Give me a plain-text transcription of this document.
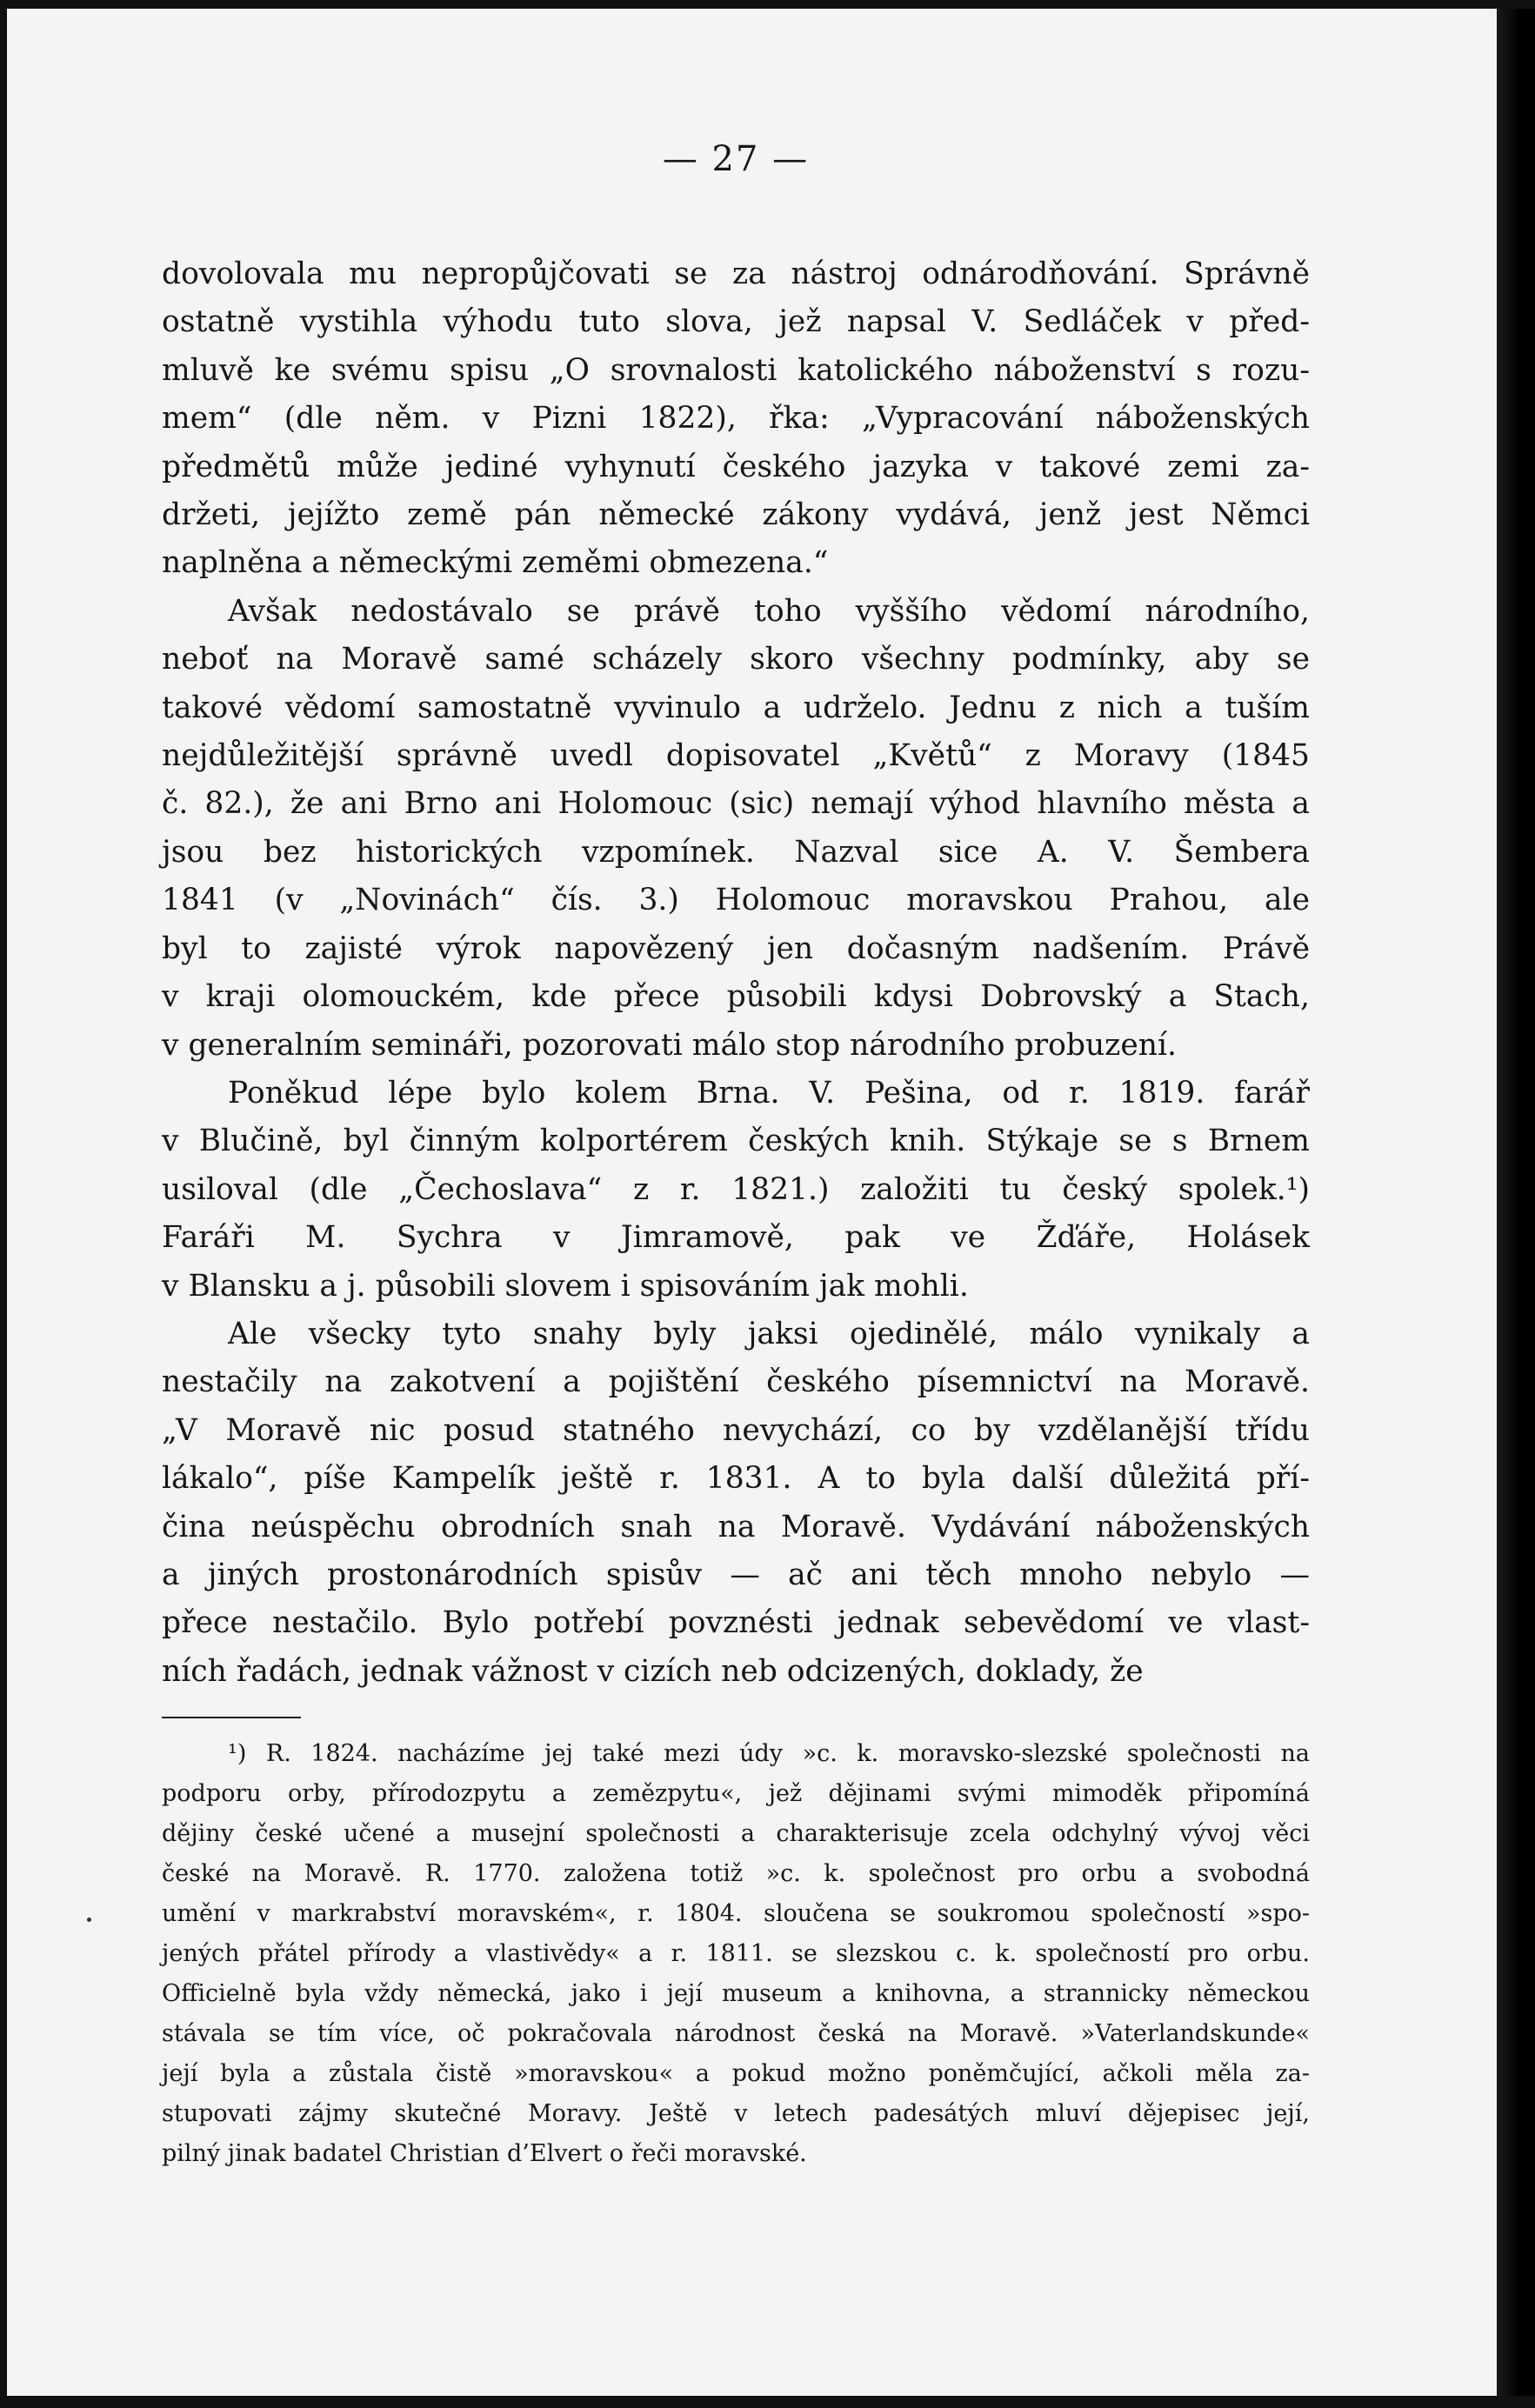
— 27 —

dovolovala mu nepropůjčovati se za nástroj odnárodňování. Správně
ostatně vystihla výhodu tuto slova, jež napsal V. Sedláček v před-
mluvě ke svému spisu „O srovnalosti katolického náboženství s rozu-
mem“ (dle něm. v Pizni 1822), řka: „Vypracování náboženských
předmětů může jediné vyhynutí českého jazyka v takové zemi za-
držeti, jejížto země pán německé zákony vydává, jenž jest Němci
naplněna a německými zeměmi obmezena.“

Avšak nedostávalo se právě toho vyššího vědomí národního,
neboť na Moravě samé scházely skoro všechny podmínky, aby se
takové vědomí samostatně vyvinulo a udrželo. Jednu z nich a tuším
nejdůležitější správně uvedl dopisovatel „Květů“ z Moravy (1845
č. 82.), že ani Brno ani Holomouc (sic) nemají výhod hlavního města a
jsou bez historických vzpomínek. Nazval sice A. V. Šembera
1841 (v „Novinách“ čís. 3.) Holomouc moravskou Prahou, ale
byl to zajisté výrok napovězený jen dočasným nadšením. Právě
v kraji olomouckém, kde přece působili kdysi Dobrovský a Stach,
v generalním semináři, pozorovati málo stop národního probuzení.

Poněkud lépe bylo kolem Brna. V. Pešina, od r. 1819. farář
v Blučině, byl činným kolportérem českých knih. Stýkaje se s Brnem
usiloval (dle „Čechoslava“ z r. 1821.) založiti tu český spolek.¹)
Faráři M. Sychra v Jimramově, pak ve Žďáře, Holásek
v Blansku a j. působili slovem i spisováním jak mohli.

Ale všecky tyto snahy byly jaksi ojedinělé, málo vynikaly a
nestačily na zakotvení a pojištění českého písemnictví na Moravě.
„V Moravě nic posud statného nevychází, co by vzdělanější třídu
lákalo“, píše Kampelík ještě r. 1831. A to byla další důležitá pří-
čina neúspěchu obrodních snah na Moravě. Vydávání náboženských
a jiných prostonárodních spisův — ač ani těch mnoho nebylo —
přece nestačilo. Bylo potřebí povznésti jednak sebevědomí ve vlast-
ních řadách, jednak vážnost v cizích neb odcizených, doklady, že

¹) R. 1824. nacházíme jej také mezi údy »c. k. moravsko-slezské společnosti na
podporu orby, přírodozpytu a zemězpytu«, jež dějinami svými mimoděk připomíná
dějiny české učené a musejní společnosti a charakterisuje zcela odchylný vývoj věci
české na Moravě. R. 1770. založena totiž »c. k. společnost pro orbu a svobodná
umění v markrabství moravském«, r. 1804. sloučena se soukromou společností »spo-
jených přátel přírody a vlastivědy« a r. 1811. se slezskou c. k. společností pro orbu.
Officielně byla vždy německá, jako i její museum a knihovna, a strannicky německou
stávala se tím více, oč pokračovala národnost česká na Moravě. »Vaterlandskunde«
její byla a zůstala čistě »moravskou« a pokud možno poněmčující, ačkoli měla za-
stupovati zájmy skutečné Moravy. Ještě v letech padesátých mluví dějepisec její,
pilný jinak badatel Christian d’Elvert o řeči moravské.
